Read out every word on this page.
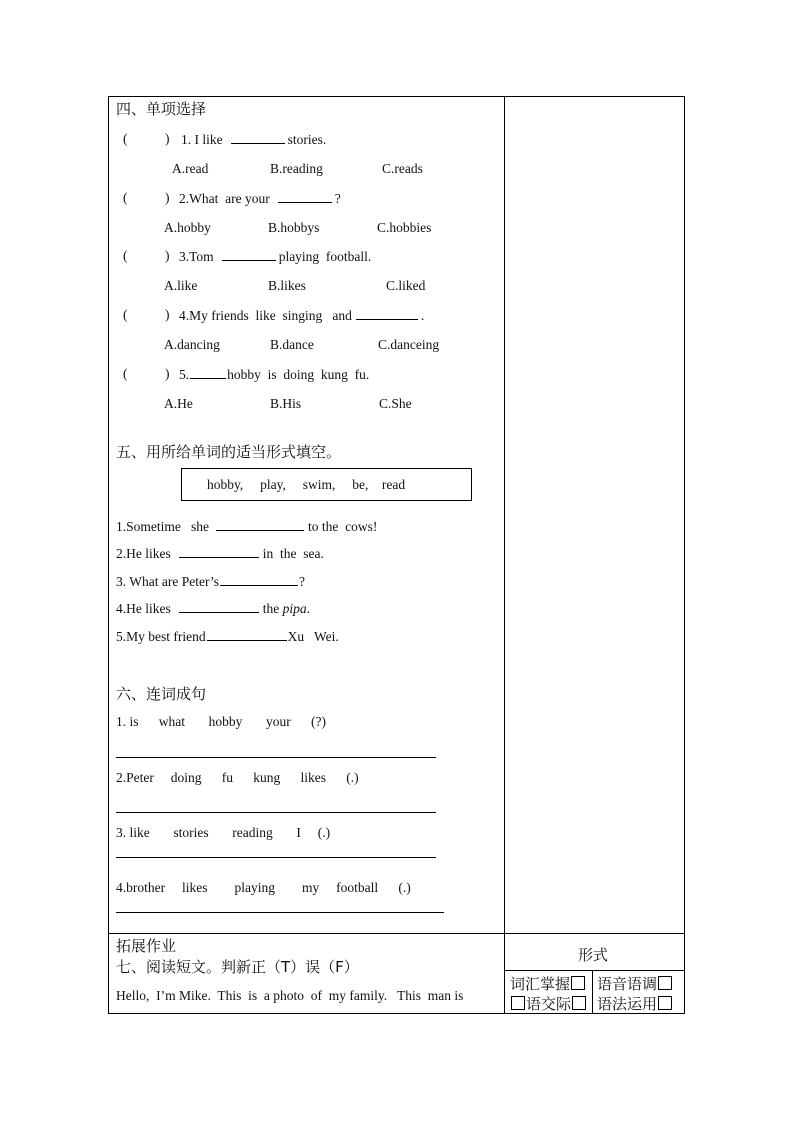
四、单项选择
(	) 1. I like	stories.
A.read	B.reading	C.reads
(	) 2.What  are your	?
A.hobby	B.hobbys	C.hobbies
(	) 3.Tom	playing  football.
A.like	B.likes	C.liked
(	) 4.My friends  like  singing   and	.
A.dancing	B.dance	C.danceing
(	) 5.	hobby  is  doing  kung  fu.
A.He	B.His	C.She
五、用所给单词的适当形式填空。
hobby,     play,     swim,     be,    read
1.Sometime   she	to the  cows!
2.He likes	in  the  sea.
3. What are Peter’s	?
4.He likes	the pipa.
5.My best friend	Xu   Wei.
六、连词成句
1. is      what       hobby       your      (?)
2.Peter     doing      fu      kung      likes      (.)
3. like       stories       reading       I     (.)
4.brother     likes        playing        my     football      (.)
拓展作业
七、阅读短文。判新正（T）误（F）
Hello,  I’m Mike.  This  is  a photo  of  my family.   This  man is
形式
词汇掌握	语音语调
语交际	语法运用
